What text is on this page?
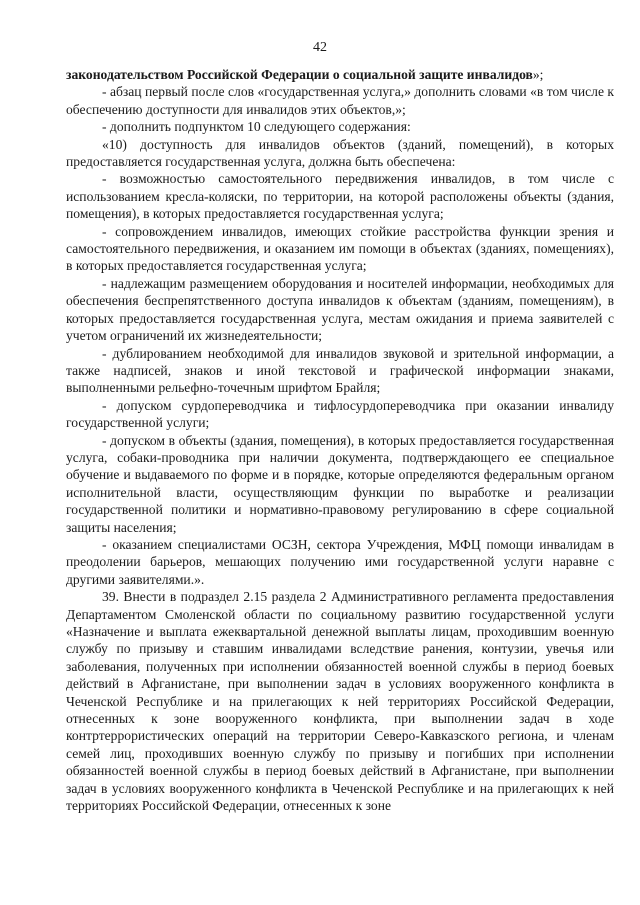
42

законодательством Российской Федерации о социальной защите инвалидов»;

- абзац первый после слов «государственная услуга,» дополнить словами «в том числе к обеспечению доступности для инвалидов этих объектов,»;

- дополнить подпунктом 10 следующего содержания:

«10) доступность для инвалидов объектов (зданий, помещений), в которых предоставляется государственная услуга, должна быть обеспечена:

- возможностью самостоятельного передвижения инвалидов, в том числе с использованием кресла-коляски, по территории, на которой расположены объекты (здания, помещения), в которых предоставляется государственная услуга;

- сопровождением инвалидов, имеющих стойкие расстройства функции зрения и самостоятельного передвижения, и оказанием им помощи в объектах (зданиях, помещениях), в которых предоставляется государственная услуга;

- надлежащим размещением оборудования и носителей информации, необходимых для обеспечения беспрепятственного доступа инвалидов к объектам (зданиям, помещениям), в которых предоставляется государственная услуга, местам ожидания и приема заявителей с учетом ограничений их жизнедеятельности;

- дублированием необходимой для инвалидов звуковой и зрительной информации, а также надписей, знаков и иной текстовой и графической информации знаками, выполненными рельефно-точечным шрифтом Брайля;

- допуском сурдопереводчика и тифлосурдопереводчика при оказании инвалиду государственной услуги;

- допуском в объекты (здания, помещения), в которых предоставляется государственная услуга, собаки-проводника при наличии документа, подтверждающего ее специальное обучение и выдаваемого по форме и в порядке, которые определяются федеральным органом исполнительной власти, осуществляющим функции по выработке и реализации государственной политики и нормативно-правовому регулированию в сфере социальной защиты населения;

- оказанием специалистами ОСЗН, сектора Учреждения, МФЦ помощи инвалидам в преодолении барьеров, мешающих получению ими государственной услуги наравне с другими заявителями.».

39. Внести в подраздел 2.15 раздела 2 Административного регламента предоставления Департаментом Смоленской области по социальному развитию государственной услуги «Назначение и выплата ежеквартальной денежной выплаты лицам, проходившим военную службу по призыву и ставшим инвалидами вследствие ранения, контузии, увечья или заболевания, полученных при исполнении обязанностей военной службы в период боевых действий в Афганистане, при выполнении задач в условиях вооруженного конфликта в Чеченской Республике и на прилегающих к ней территориях Российской Федерации, отнесенных к зоне вооруженного конфликта, при выполнении задач в ходе контртеррористических операций на территории Северо-Кавказского региона, и членам семей лиц, проходивших военную службу по призыву и погибших при исполнении обязанностей военной службы в период боевых действий в Афганистане, при выполнении задач в условиях вооруженного конфликта в Чеченской Республике и на прилегающих к ней территориях Российской Федерации, отнесенных к зоне
